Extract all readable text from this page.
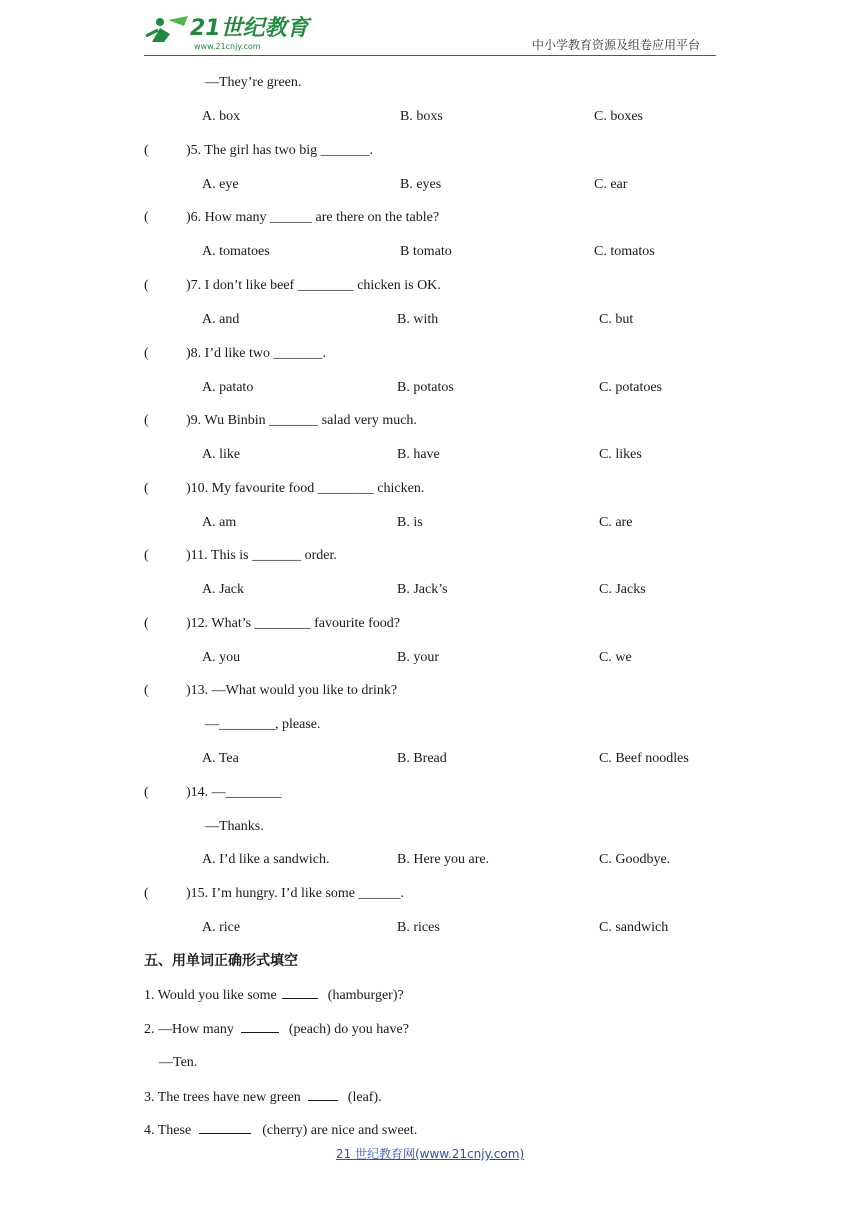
21世纪教育
www.21cnjy.com	中小学教育资源及组卷应用平台
—They’re green.
A. box	B. boxs	C. boxes
(	)5. The girl has two big _______.
A. eye	B. eyes	C. ear
(	)6. How many ______ are there on the table?
A. tomatoes	B tomato	C. tomatos
(	)7. I don’t like beef ________ chicken is OK.
A. and	B. with	C. but
(	)8. I’d like two _______.
A. patato	B. potatos	C. potatoes
(	)9. Wu Binbin _______ salad very much.
A. like	B. have	C. likes
(	)10. My favourite food ________ chicken.
A. am	B. is	C. are
(	)11. This is _______ order.
A. Jack	B. Jack’s	C. Jacks
(	)12. What’s ________ favourite food?
A. you	B. your	C. we
(	)13. —What would you like to drink?
—________, please.
A. Tea	B. Bread	C. Beef noodles
(	)14. —________
—Thanks.
A. I’d like a sandwich.	B. Here you are.	C. Goodbye.
(	)15. I’m hungry. I’d like some ______.
A. rice	B. rices	C. sandwich
五、用单词正确形式填空
1. Would you like some	(hamburger)?
2. —How many	(peach) do you have?
—Ten.
3. The trees have new green	(leaf).
4. These	(cherry) are nice and sweet.
21 世纪教育网(www.21cnjy.com)
